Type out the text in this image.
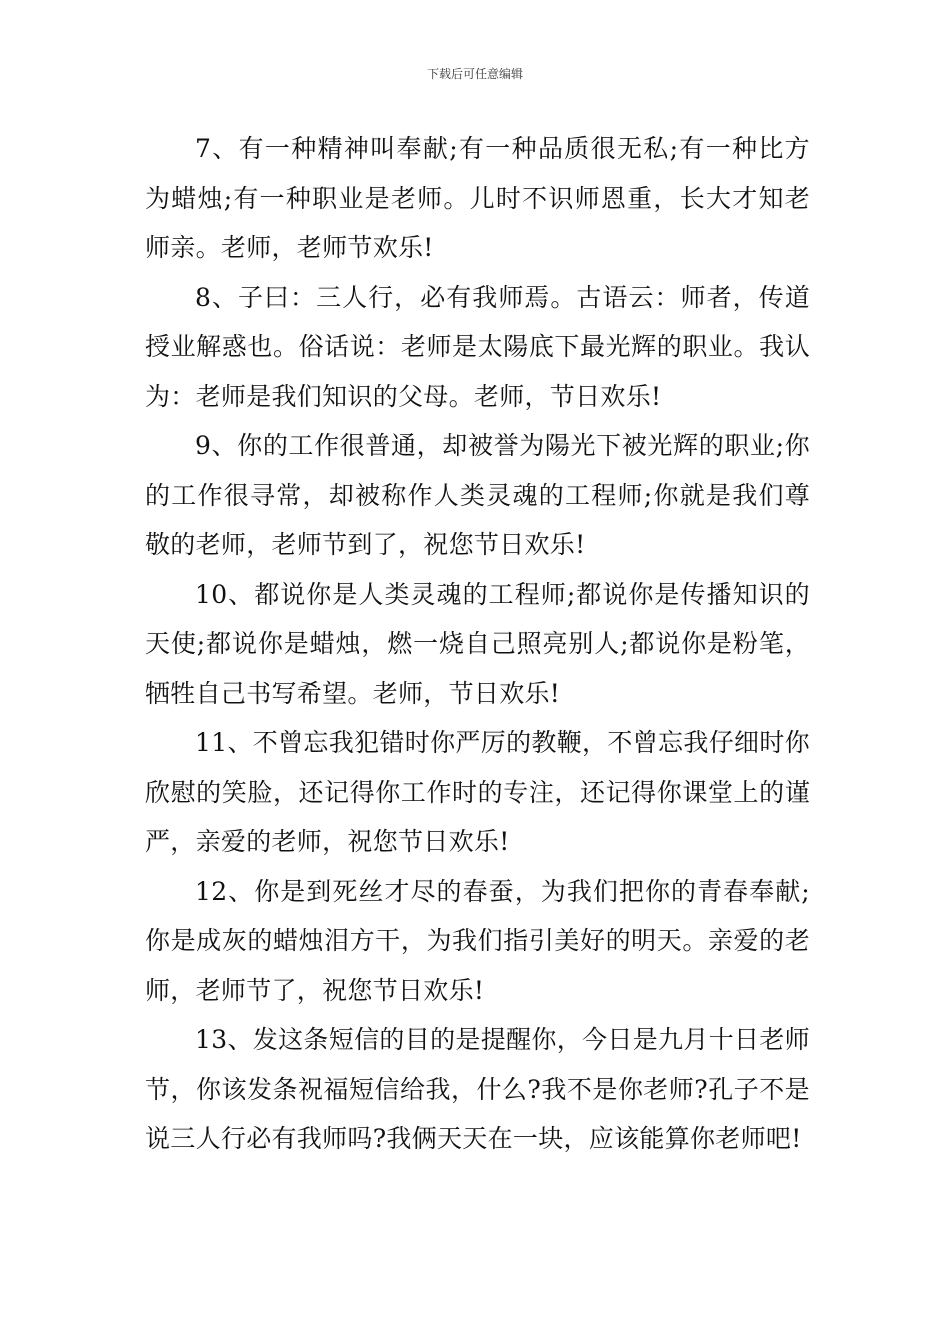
下载后可任意编辑

7、有一种精神叫奉献;有一种品质很无私;有一种比方为蜡烛;有一种职业是老师。儿时不识师恩重，长大才知老师亲。老师，老师节欢乐!

8、子曰：三人行，必有我师焉。古语云：师者，传道授业解惑也。俗话说：老师是太陽底下最光辉的职业。我认为：老师是我们知识的父母。老师，节日欢乐!

9、你的工作很普通，却被誉为陽光下被光辉的职业;你的工作很寻常，却被称作人类灵魂的工程师;你就是我们尊敬的老师，老师节到了，祝您节日欢乐!

10、都说你是人类灵魂的工程师;都说你是传播知识的天使;都说你是蜡烛，燃一烧自己照亮别人;都说你是粉笔，牺牲自己书写希望。老师，节日欢乐!

11、不曾忘我犯错时你严厉的教鞭，不曾忘我仔细时你欣慰的笑脸，还记得你工作时的专注，还记得你课堂上的谨严，亲爱的老师，祝您节日欢乐!

12、你是到死丝才尽的春蚕，为我们把你的青春奉献;你是成灰的蜡烛泪方干，为我们指引美好的明天。亲爱的老师，老师节了，祝您节日欢乐!

13、发这条短信的目的是提醒你，今日是九月十日老师节，你该发条祝福短信给我，什么?我不是你老师?孔子不是说三人行必有我师吗?我俩天天在一块，应该能算你老师吧!
